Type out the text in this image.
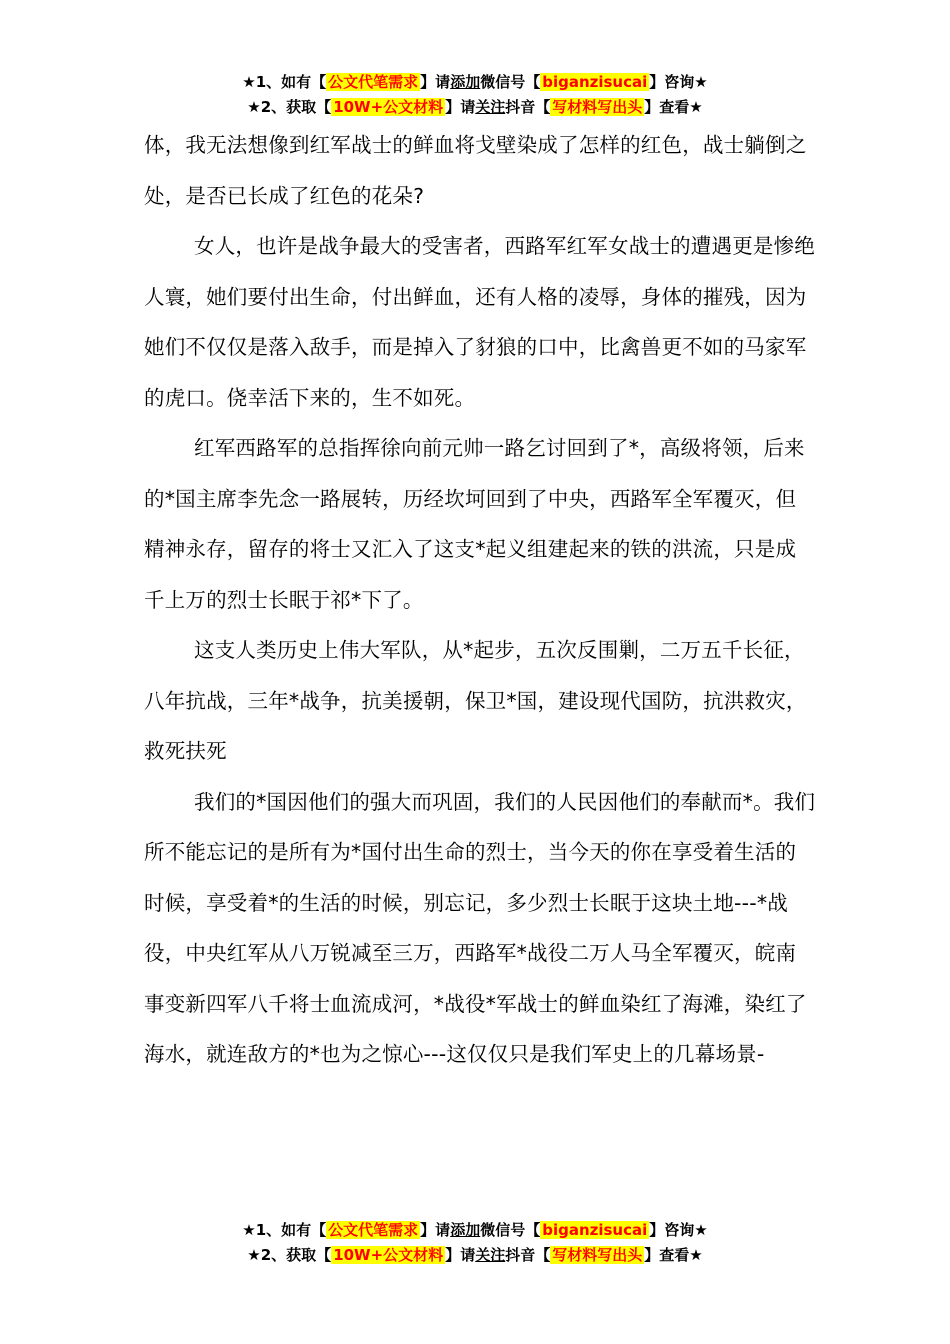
★1、如有【 公文代笔需求 】请添加微信号【 biganzisucai 】咨询★
★2、获取【 10W+公文材料 】请关注抖音【 写材料写出头 】查看★

体，我无法想像到红军战士的鲜血将戈壁染成了怎样的红色，战士躺倒之处，是否已长成了红色的花朵?

女人，也许是战争最大的受害者，西路军红军女战士的遭遇更是惨绝人寰，她们要付出生命，付出鲜血，还有人格的凌辱，身体的摧残，因为她们不仅仅是落入敌手，而是掉入了豺狼的口中，比禽兽更不如的马家军的虎口。侥幸活下来的，生不如死。

红军西路军的总指挥徐向前元帅一路乞讨回到了*，高级将领，后来的*国主席李先念一路展转，历经坎坷回到了中央，西路军全军覆灭，但精神永存，留存的将士又汇入了这支*起义组建起来的铁的洪流，只是成千上万的烈士长眠于祁*下了。

这支人类历史上伟大军队，从*起步，五次反围剿，二万五千长征，八年抗战，三年*战争，抗美援朝，保卫*国，建设现代国防，抗洪救灾，救死扶死

我们的*国因他们的强大而巩固，我们的人民因他们的奉献而*。我们所不能忘记的是所有为*国付出生命的烈士，当今天的你在享受着生活的时候，享受着*的生活的时候，别忘记，多少烈士长眠于这块土地---*战役，中央红军从八万锐减至三万，西路军*战役二万人马全军覆灭，皖南事变新四军八千将士血流成河，*战役*军战士的鲜血染红了海滩，染红了海水，就连敌方的*也为之惊心---这仅仅只是我们军史上的几幕场景-

★1、如有【 公文代笔需求 】请添加微信号【 biganzisucai 】咨询★
★2、获取【 10W+公文材料 】请关注抖音【 写材料写出头 】查看★
